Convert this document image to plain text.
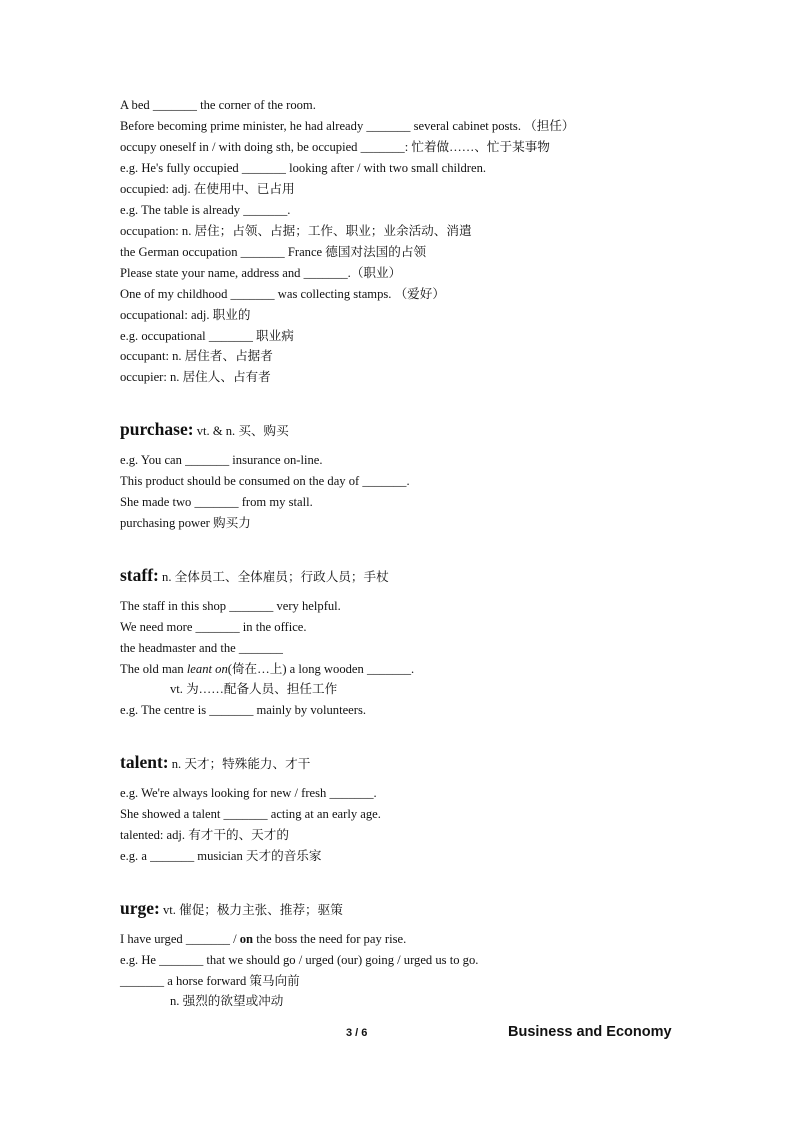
A bed _______ the corner of the room.
Before becoming prime minister, he had already _______ several cabinet posts. （担任）
occupy oneself in / with doing sth, be occupied _______: 忙着做……、忙于某事物
e.g. He's fully occupied _______ looking after / with two small children.
occupied: adj. 在使用中、已占用
e.g. The table is already _______.
occupation: n. 居住；占领、占据；工作、职业；业余活动、消遣
the German occupation _______ France 德国对法国的占领
Please state your name, address and _______.（职业）
One of my childhood _______ was collecting stamps. （爱好）
occupational: adj. 职业的
e.g. occupational _______ 职业病
occupant: n. 居住者、占据者
occupier: n. 居住人、占有者
purchase: vt. & n. 买、购买
e.g. You can _______ insurance on-line.
This product should be consumed on the day of _______.
She made two _______ from my stall.
purchasing power 购买力
staff: n. 全体员工、全体雇员；行政人员；手杖
The staff in this shop _______ very helpful.
We need more _______ in the office.
the headmaster and the _______
The old man leant on(倚在…上) a long wooden _______.
vt. 为……配备人员、担任工作
e.g. The centre is _______ mainly by volunteers.
talent: n. 天才；特殊能力、才干
e.g. We're always looking for new / fresh _______.
She showed a talent _______ acting at an early age.
talented: adj. 有才干的、天才的
e.g. a _______ musician 天才的音乐家
urge: vt. 催促；极力主张、推荐；驱策
I have urged _______ / on the boss the need for pay rise.
e.g. He _______ that we should go / urged (our) going / urged us to go.
_______ a horse forward 策马向前
n. 强烈的欲望或冲动
3 / 6	Business and Economy
